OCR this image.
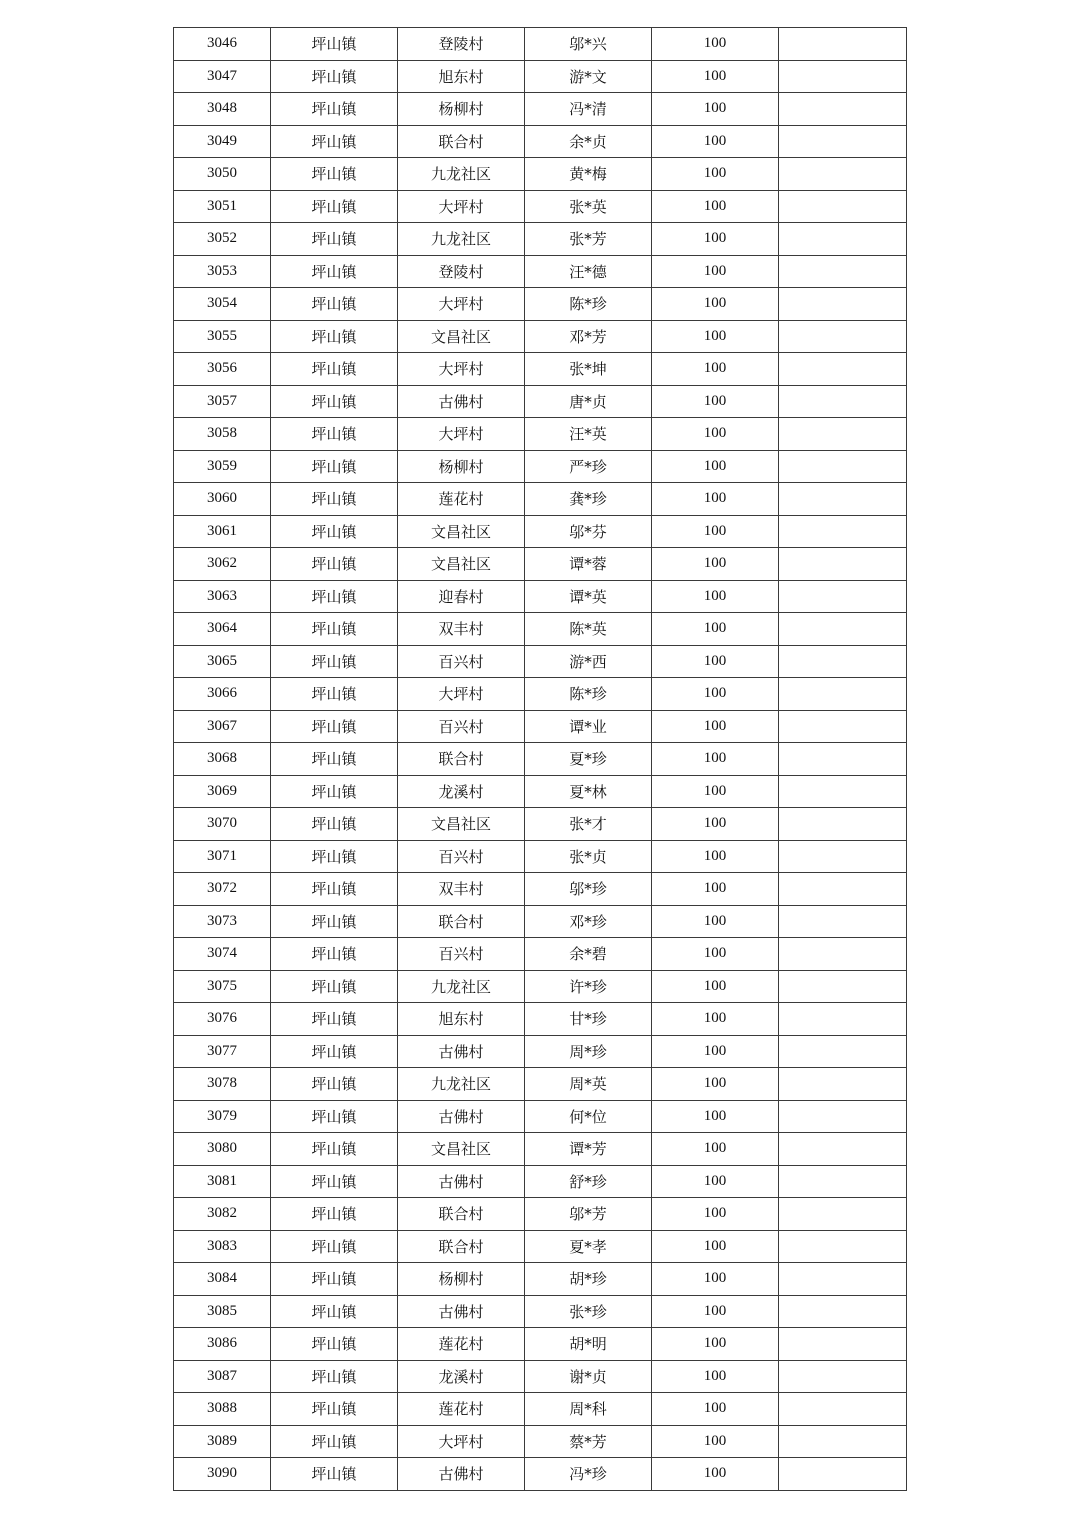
3046	坪山镇	登陵村	邬*兴	100	
3047	坪山镇	旭东村	游*文	100	
3048	坪山镇	杨柳村	冯*清	100	
3049	坪山镇	联合村	余*贞	100	
3050	坪山镇	九龙社区	黄*梅	100	
3051	坪山镇	大坪村	张*英	100	
3052	坪山镇	九龙社区	张*芳	100	
3053	坪山镇	登陵村	汪*德	100	
3054	坪山镇	大坪村	陈*珍	100	
3055	坪山镇	文昌社区	邓*芳	100	
3056	坪山镇	大坪村	张*坤	100	
3057	坪山镇	古佛村	唐*贞	100	
3058	坪山镇	大坪村	汪*英	100	
3059	坪山镇	杨柳村	严*珍	100	
3060	坪山镇	莲花村	龚*珍	100	
3061	坪山镇	文昌社区	邬*芬	100	
3062	坪山镇	文昌社区	谭*蓉	100	
3063	坪山镇	迎春村	谭*英	100	
3064	坪山镇	双丰村	陈*英	100	
3065	坪山镇	百兴村	游*西	100	
3066	坪山镇	大坪村	陈*珍	100	
3067	坪山镇	百兴村	谭*业	100	
3068	坪山镇	联合村	夏*珍	100	
3069	坪山镇	龙溪村	夏*林	100	
3070	坪山镇	文昌社区	张*才	100	
3071	坪山镇	百兴村	张*贞	100	
3072	坪山镇	双丰村	邬*珍	100	
3073	坪山镇	联合村	邓*珍	100	
3074	坪山镇	百兴村	余*碧	100	
3075	坪山镇	九龙社区	许*珍	100	
3076	坪山镇	旭东村	甘*珍	100	
3077	坪山镇	古佛村	周*珍	100	
3078	坪山镇	九龙社区	周*英	100	
3079	坪山镇	古佛村	何*位	100	
3080	坪山镇	文昌社区	谭*芳	100	
3081	坪山镇	古佛村	舒*珍	100	
3082	坪山镇	联合村	邬*芳	100	
3083	坪山镇	联合村	夏*孝	100	
3084	坪山镇	杨柳村	胡*珍	100	
3085	坪山镇	古佛村	张*珍	100	
3086	坪山镇	莲花村	胡*明	100	
3087	坪山镇	龙溪村	谢*贞	100	
3088	坪山镇	莲花村	周*科	100	
3089	坪山镇	大坪村	蔡*芳	100	
3090	坪山镇	古佛村	冯*珍	100	
